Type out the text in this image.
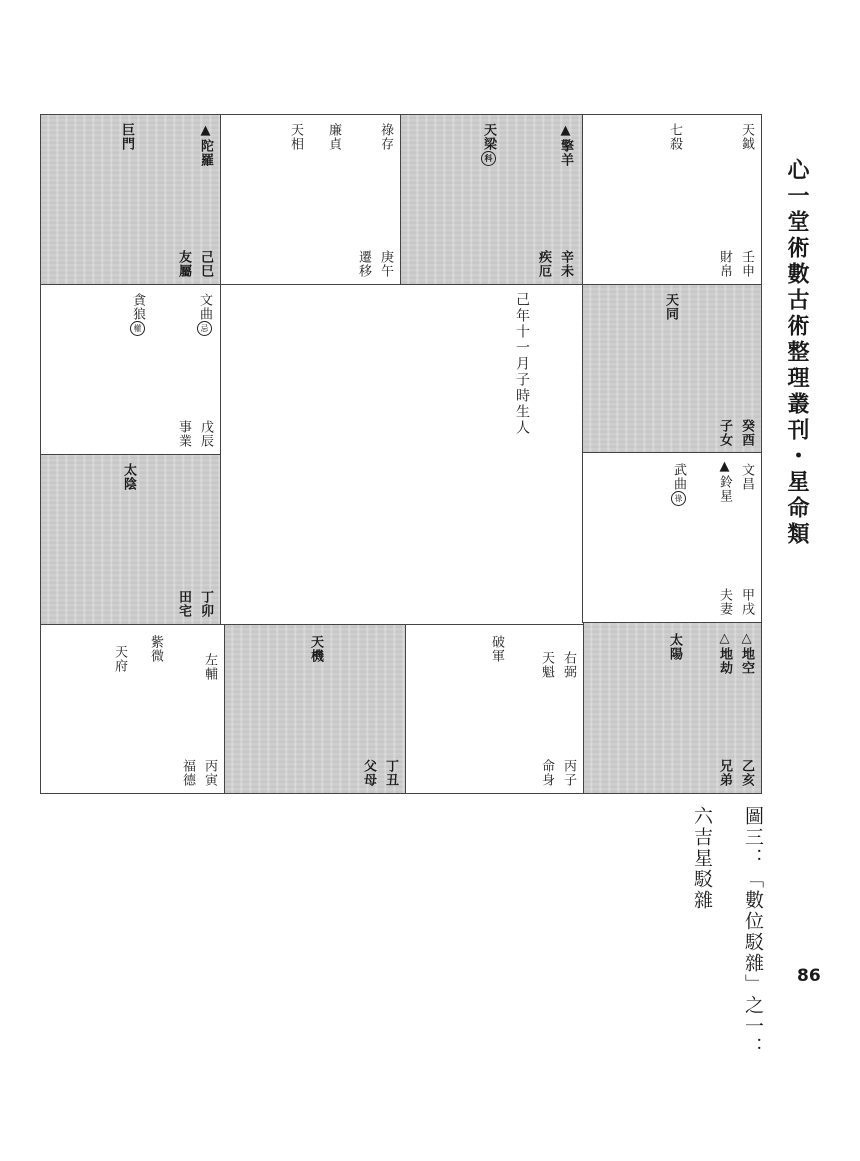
▲陀羅
巨門
己巳
友屬
祿存
廉貞
天相
庚午
遷移
▲擎羊
天梁科
辛未
疾厄
天鉞
七殺
壬申
財帛
文曲忌
貪狼權
戊辰
事業
太陰
丁卯
田宅
天同
癸酉
子女
文昌
▲鈴星
武曲祿
甲戌
夫妻
左輔
紫微
天府
丙寅
福德
天機
丁丑
父母
右弼
天魁
破軍
丙子
命身
△地空
△地劫
太陽
乙亥
兄弟
己年十一月子時生人	心一堂術數古術整理叢刊・星命類
圖三：「數位駁雜」之一：
六吉星駁雜
86
